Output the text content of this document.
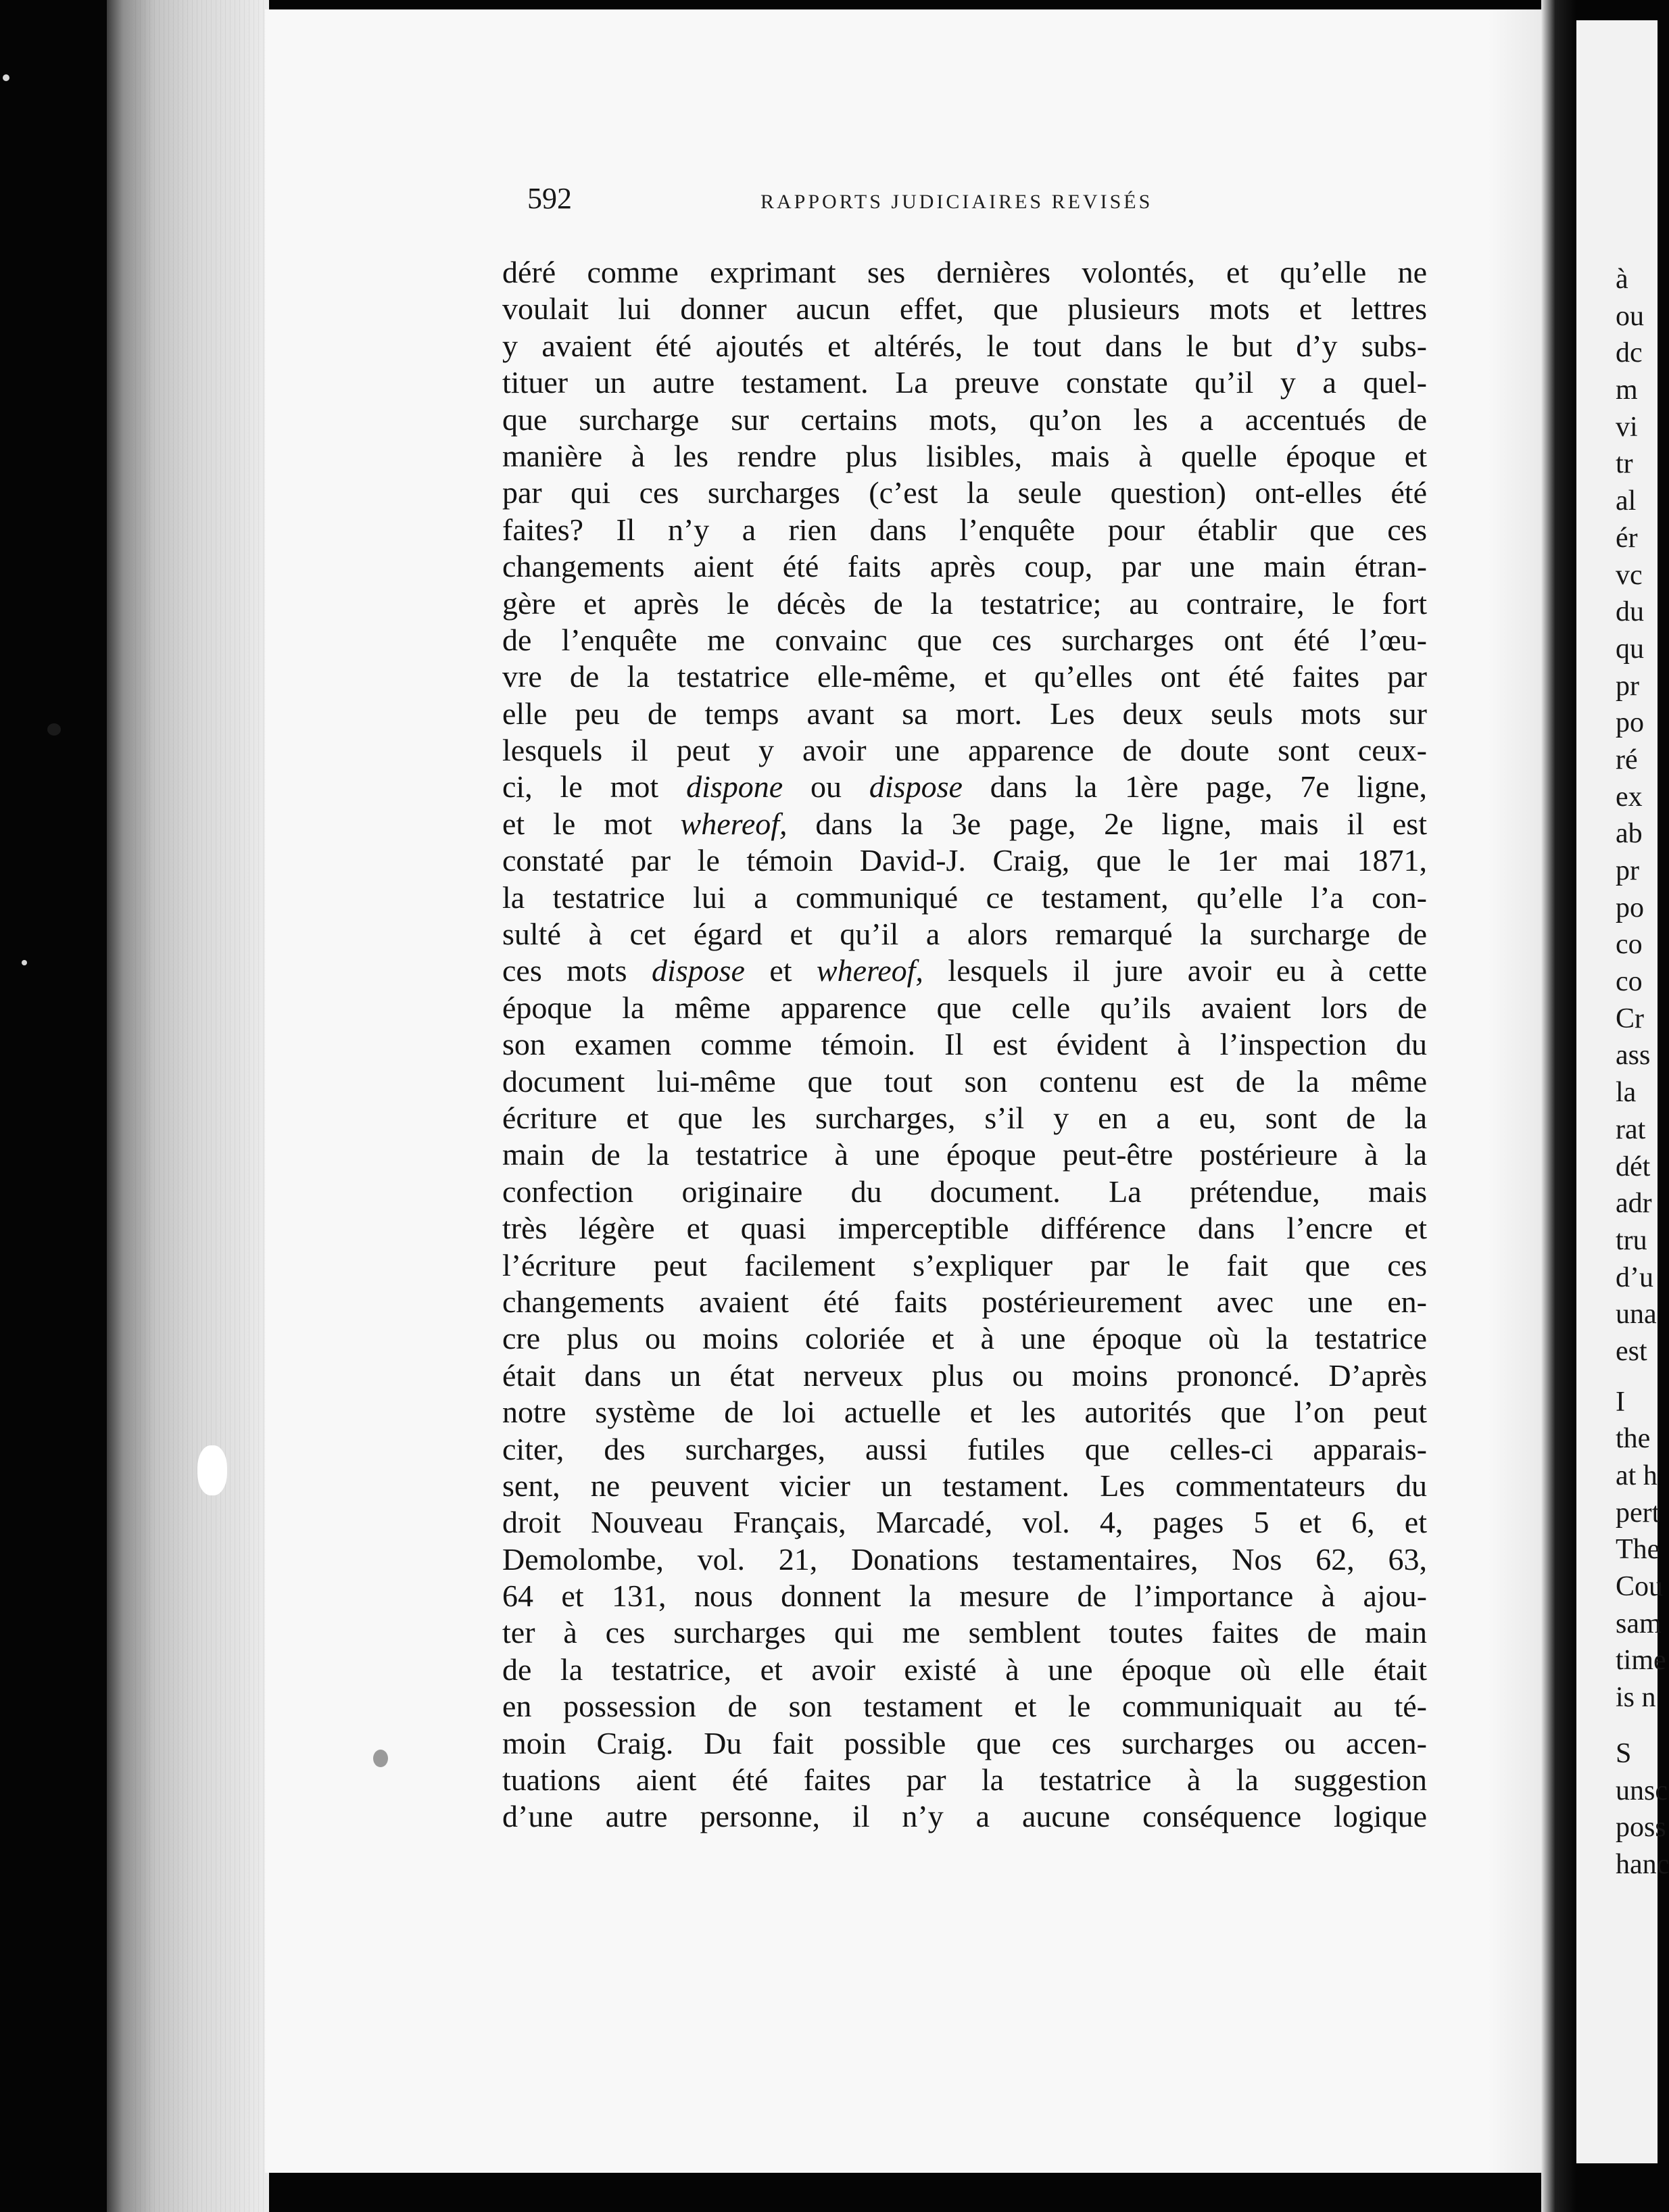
592	RAPPORTS JUDICIAIRES REVISÉS
déré comme exprimant ses dernières volontés, et qu’elle ne
voulait lui donner aucun effet, que plusieurs mots et lettres
y avaient été ajoutés et altérés, le tout dans le but d’y subs-
tituer un autre testament. La preuve constate qu’il y a quel-
que surcharge sur certains mots, qu’on les a accentués de
manière à les rendre plus lisibles, mais à quelle époque et
par qui ces surcharges (c’est la seule question) ont-elles été
faites? Il n’y a rien dans l’enquête pour établir que ces
changements aient été faits après coup, par une main étran-
gère et après le décès de la testatrice; au contraire, le fort
de l’enquête me convainc que ces surcharges ont été l’œu-
vre de la testatrice elle-même, et qu’elles ont été faites par
elle peu de temps avant sa mort. Les deux seuls mots sur
lesquels il peut y avoir une apparence de doute sont ceux-
ci, le mot dispone ou dispose dans la 1ère page, 7e ligne,
et le mot whereof, dans la 3e page, 2e ligne, mais il est
constaté par le témoin David-J. Craig, que le 1er mai 1871,
la testatrice lui a communiqué ce testament, qu’elle l’a con-
sulté à cet égard et qu’il a alors remarqué la surcharge de
ces mots dispose et whereof, lesquels il jure avoir eu à cette
époque la même apparence que celle qu’ils avaient lors de
son examen comme témoin. Il est évident à l’inspection du
document lui-même que tout son contenu est de la même
écriture et que les surcharges, s’il y en a eu, sont de la
main de la testatrice à une époque peut-être postérieure à la
confection originaire du document. La prétendue, mais
très légère et quasi imperceptible différence dans l’encre et
l’écriture peut facilement s’expliquer par le fait que ces
changements avaient été faits postérieurement avec une en-
cre plus ou moins coloriée et à une époque où la testatrice
était dans un état nerveux plus ou moins prononcé. D’après
notre système de loi actuelle et les autorités que l’on peut
citer, des surcharges, aussi futiles que celles-ci apparais-
sent, ne peuvent vicier un testament. Les commentateurs du
droit Nouveau Français, Marcadé, vol. 4, pages 5 et 6, et
Demolombe, vol. 21, Donations testamentaires, Nos 62, 63,
64 et 131, nous donnent la mesure de l’importance à ajou-
ter à ces surcharges qui me semblent toutes faites de main
de la testatrice, et avoir existé à une époque où elle était
en possession de son testament et le communiquait au té-
moin Craig. Du fait possible que ces surcharges ou accen-
tuations aient été faites par la testatrice à la suggestion
d’une autre personne, il n’y a aucune conséquence logique
à
ou
dc
m
vi
tr
al
ér
vc
du
qu
pr
po
ré
ex
ab
pr
po
co
co
Cr
ass
la
rat
dét
adr
tru
d’u
una
est
I
the
at h
pert
The
Cou
sam
time
is n
S
unsc
poss
hanc
